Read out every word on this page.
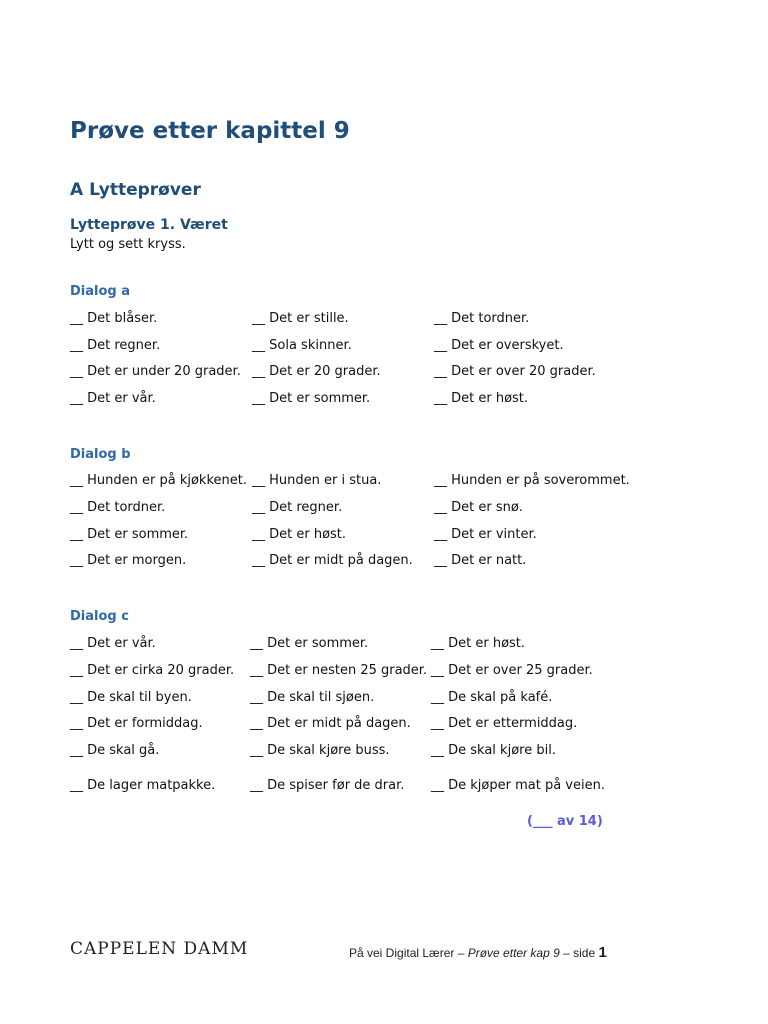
Prøve etter kapittel 9
A Lytteprøver
Lytteprøve 1. Været
Lytt og sett kryss.
Dialog a
__ Det blåser.	__ Det er stille.	__ Det tordner.
__ Det regner.	__ Sola skinner.	__ Det er overskyet.
__ Det er under 20 grader. __ Det er 20 grader.	__ Det er over 20 grader.
__ Det er vår.	__ Det er sommer.	__ Det er høst.
Dialog b
__ Hunden er på kjøkkenet. __ Hunden er i stua.	__ Hunden er på soverommet.
__ Det tordner.	__ Det regner.	__ Det er snø.
__ Det er sommer.	__ Det er høst.	__ Det er vinter.
__ Det er morgen.	__ Det er midt på dagen. __ Det er natt.
Dialog c
__ Det er vår.	__ Det er sommer.	__ Det er høst.
__ Det er cirka 20 grader. __ Det er nesten 25 grader. __ Det er over 25 grader.
__ De skal til byen.	__ De skal til sjøen.	__ De skal på kafé.
__ Det er formiddag.	__ Det er midt på dagen. __ Det er ettermiddag.
__ De skal gå.	__ De skal kjøre buss.	__ De skal kjøre bil.
__ De lager matpakke.	__ De spiser før de drar. __ De kjøper mat på veien.
(___ av 14)
CAPPELEN DAMM	På vei Digital Lærer – Prøve etter kap 9 – side 1
